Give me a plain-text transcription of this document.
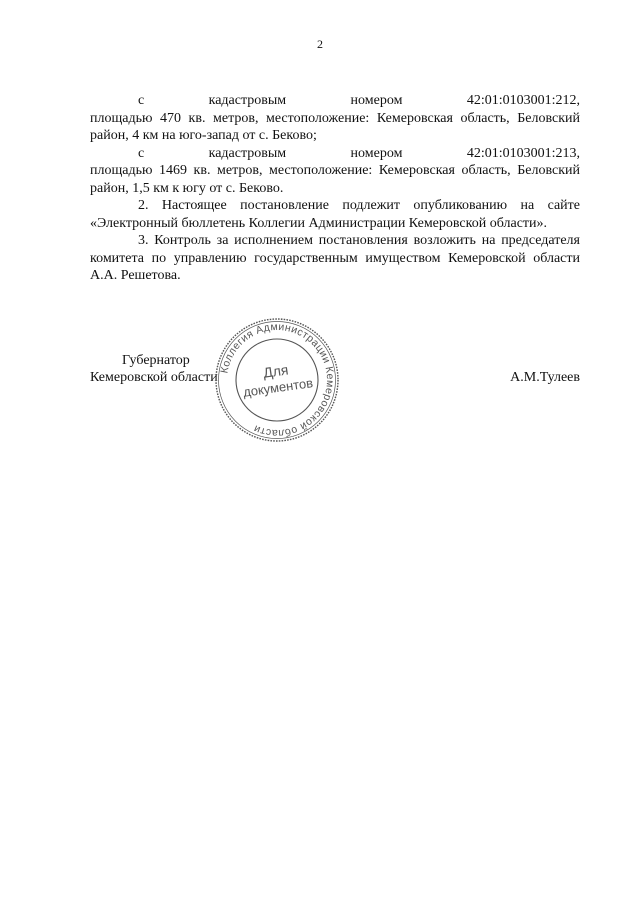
2
с	кадастровым	номером	42:01:0103001:212,

площадью 470 кв. метров, местоположение: Кемеровская область, Беловский район, 4 км на юго-запад от с. Беково;

с	кадастровым	номером	42:01:0103001:213,

площадью 1469 кв. метров, местоположение: Кемеровская область, Беловский район, 1,5 км к югу от с. Беково.

2. Настоящее постановление подлежит опубликованию на сайте «Электронный бюллетень Коллегии Администрации Кемеровской области».

3. Контроль за исполнением постановления возложить на председателя комитета по управлению государственным имуществом Кемеровской области А.А. Решетова.

Губернатор
Кемеровской области	А.М.Тулеев
Коллегия Администрации Кемеровской области
Для
документов
